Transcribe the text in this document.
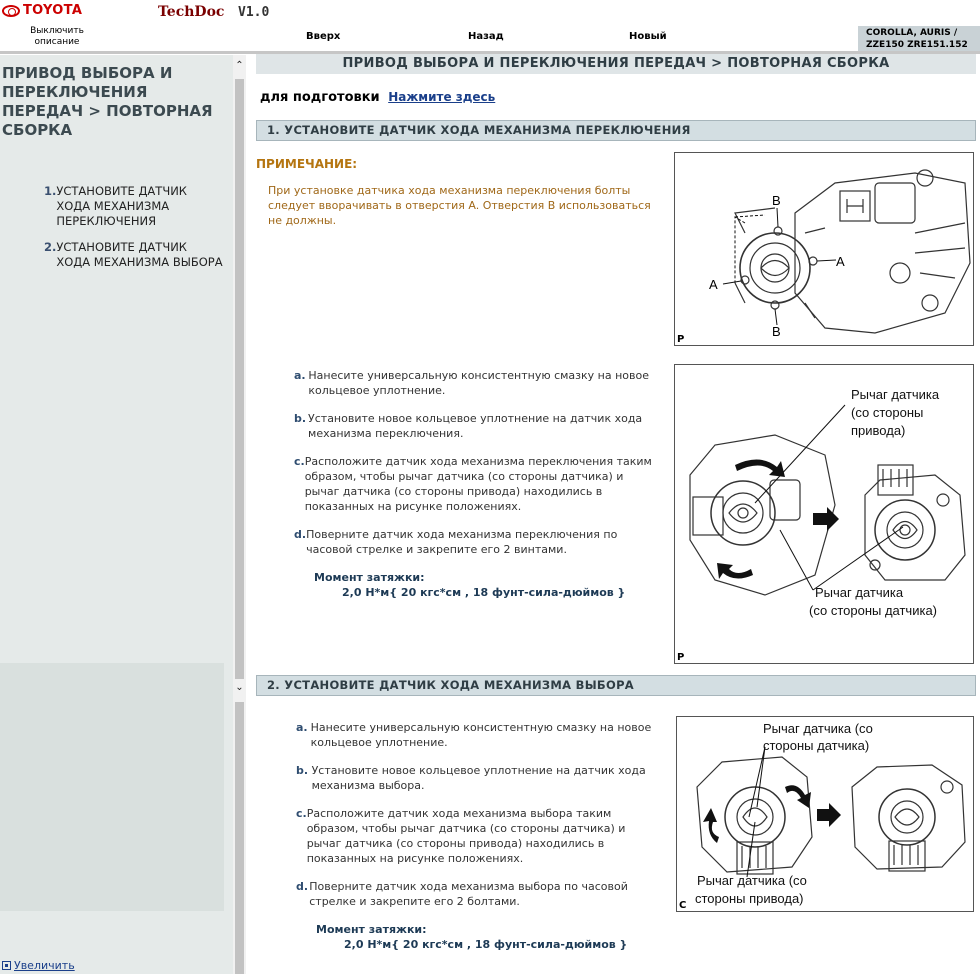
TOYOTA	TechDoc V1.0
Выключить описание	Вверх	Назад	Новый	COROLLA, AURIS /
ZZE150 ZRE151.152
ПРИВОД ВЫБОРА И ПЕРЕКЛЮЧЕНИЯ ПЕРЕДАЧ > ПОВТОРНАЯ СБОРКА
1. УСТАНОВИТЕ ДАТЧИК ХОДА МЕХАНИЗМА ПЕРЕКЛЮЧЕНИЯ
2. УСТАНОВИТЕ ДАТЧИК ХОДА МЕХАНИЗМА ВЫБОРА
⌃
⌄
ПРИВОД ВЫБОРА И ПЕРЕКЛЮЧЕНИЯ ПЕРЕДАЧ > ПОВТОРНАЯ СБОРКА
для подготовки Нажмите здесь
1. УСТАНОВИТЕ ДАТЧИК ХОДА МЕХАНИЗМА ПЕРЕКЛЮЧЕНИЯ
ПРИМЕЧАНИЕ:
При установке датчика хода механизма переключения болты следует вворачивать в отверстия A. Отверстия B использоваться не должны.
B
B
A
A
P
a. Нанесите универсальную консистентную смазку на новое кольцевое уплотнение.
b. Установите новое кольцевое уплотнение на датчик хода механизма переключения.
c. Расположите датчик хода механизма переключения таким образом, чтобы рычаг датчика (со стороны датчика) и рычаг датчика (со стороны привода) находились в показанных на рисунке положениях.
d. Поверните датчик хода механизма переключения по часовой стрелке и закрепите его 2 винтами.
Момент затяжки:
2,0 Н*м{ 20 кгс*см , 18 фунт-сила-дюймов }
Рычаг датчика
(со стороны
привода)
Рычаг датчика
(со стороны датчика)
P
2. УСТАНОВИТЕ ДАТЧИК ХОДА МЕХАНИЗМА ВЫБОРА
a. Нанесите универсальную консистентную смазку на новое кольцевое уплотнение.
b. Установите новое кольцевое уплотнение на датчик хода механизма выбора.
c. Расположите датчик хода механизма выбора таким образом, чтобы рычаг датчика (со стороны датчика) и рычаг датчика (со стороны привода) находились в показанных на рисунке положениях.
d. Поверните датчик хода механизма выбора по часовой стрелке и закрепите его 2 болтами.
Момент затяжки:
2,0 Н*м{ 20 кгс*см , 18 фунт-сила-дюймов }
Рычаг датчика (со
стороны датчика)
Рычаг датчика (со
стороны привода)
C
Увеличить
